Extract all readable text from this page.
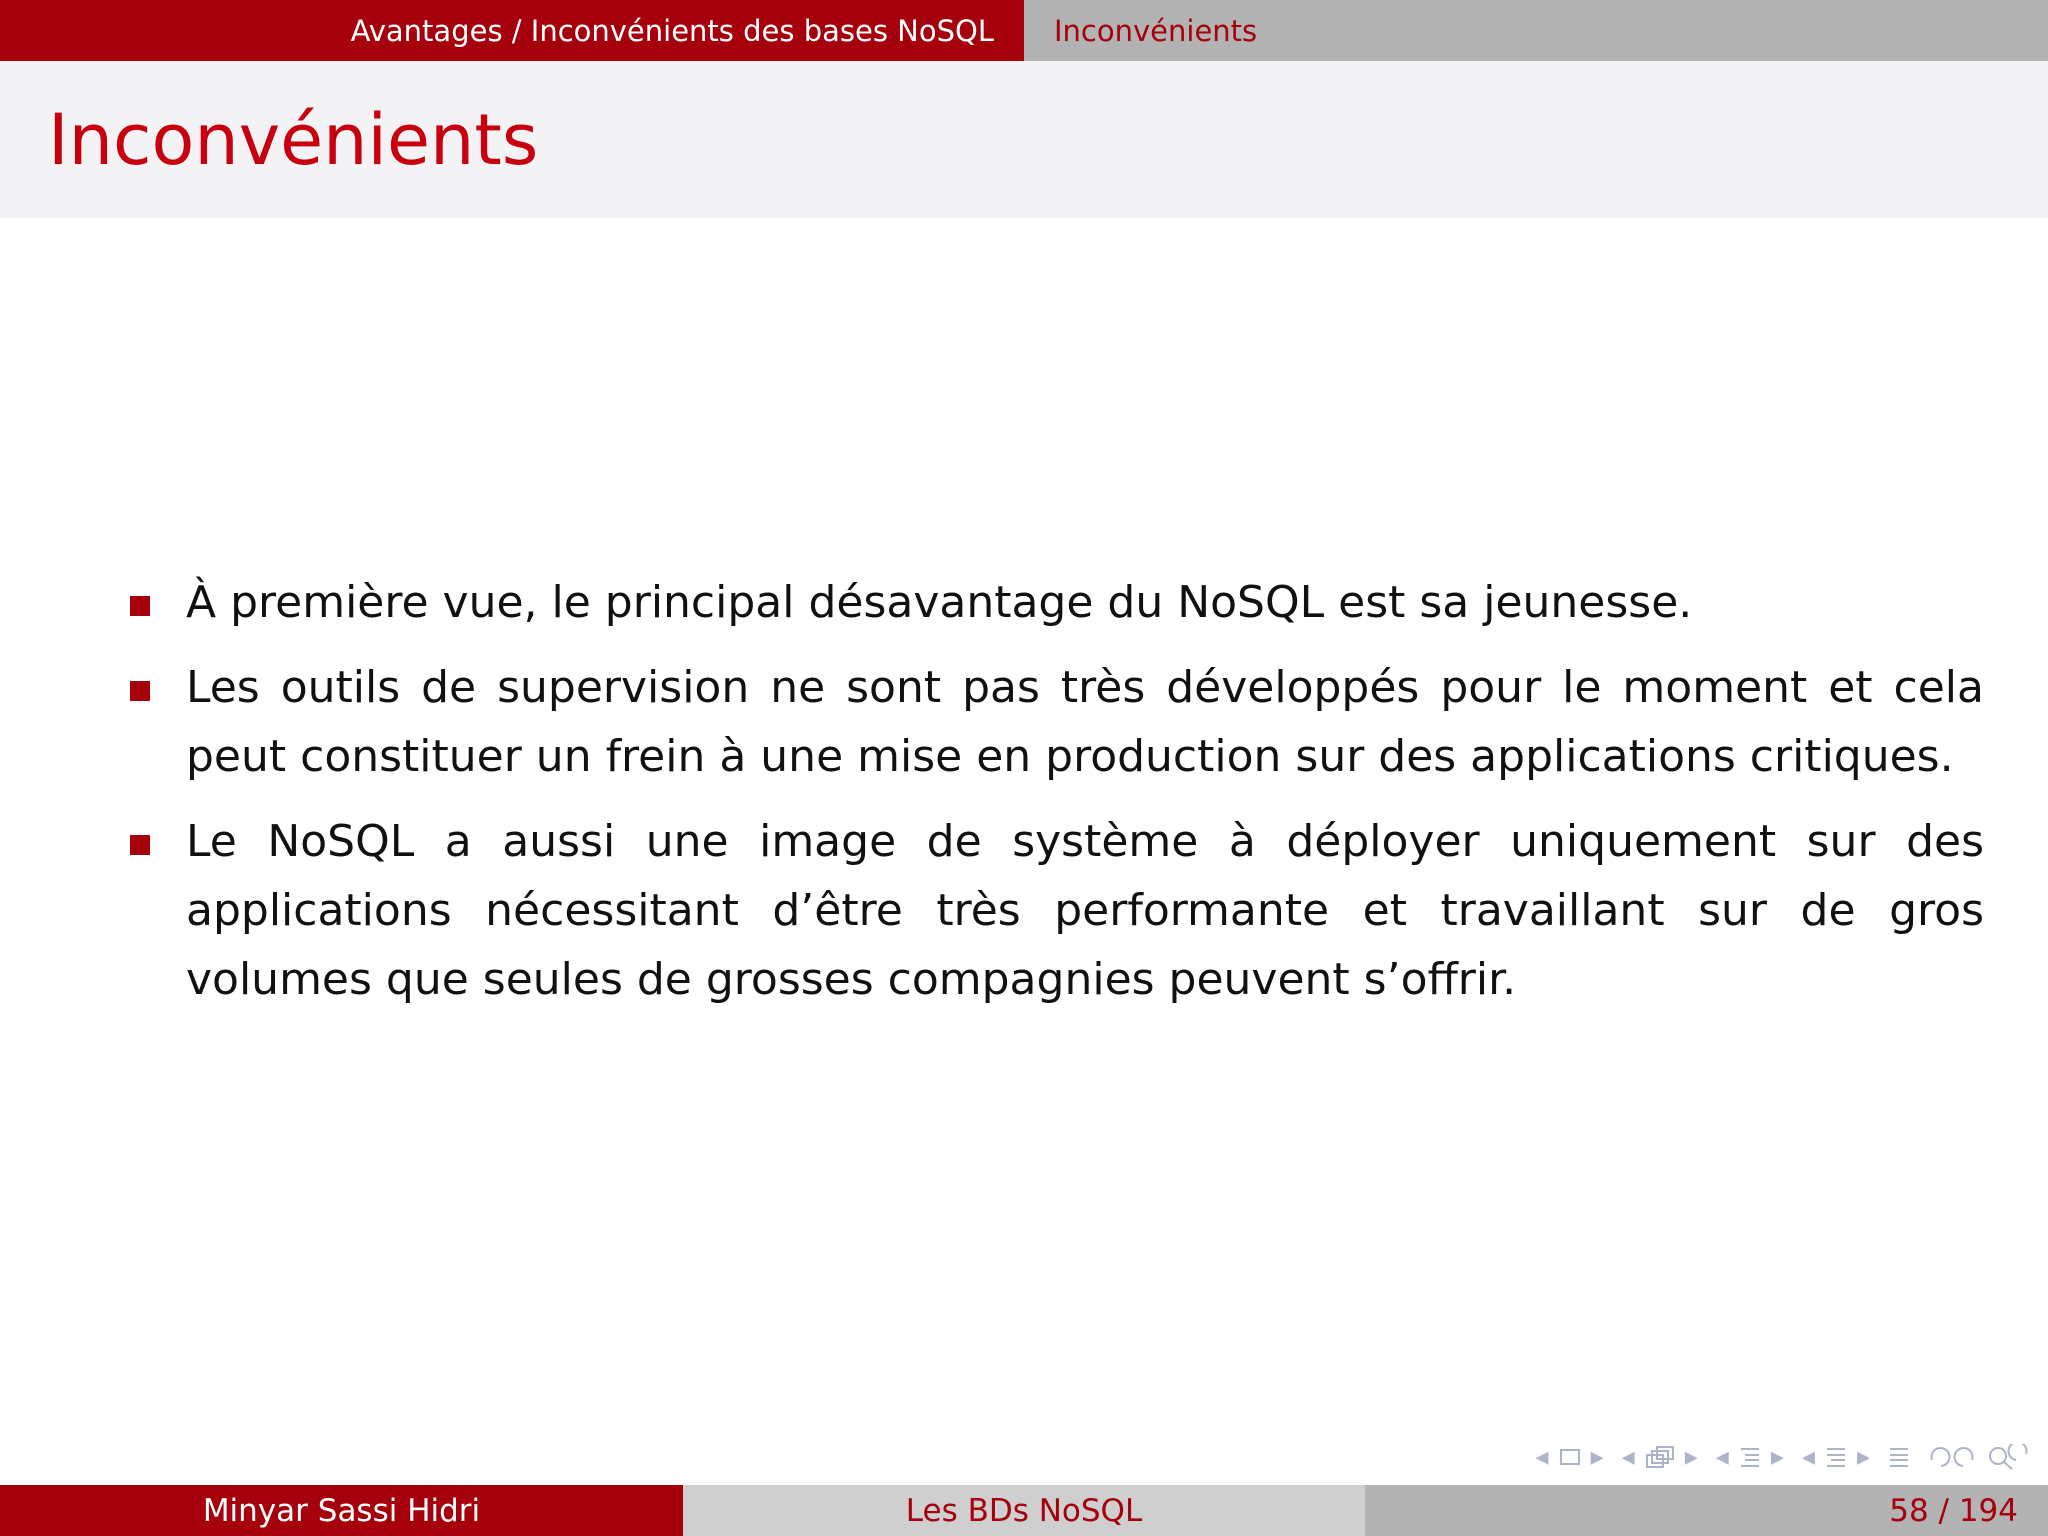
Avantages / Inconvénients des bases NoSQL Inconvénients
Inconvénients
À première vue, le principal désavantage du NoSQL est sa jeunesse.
Les outils de supervision ne sont pas très développés pour le moment et cela peut constituer un frein à une mise en production sur des applications critiques.
Le NoSQL a aussi une image de système à déployer uniquement sur des applications nécessitant d’être très performante et travaillant sur de gros volumes que seules de grosses compagnies peuvent s’offrir.
◂ ▸ ◂ ▸ ◂ ▸ ◂ ▸
Minyar Sassi Hidri	Les BDs NoSQL	58 / 194
